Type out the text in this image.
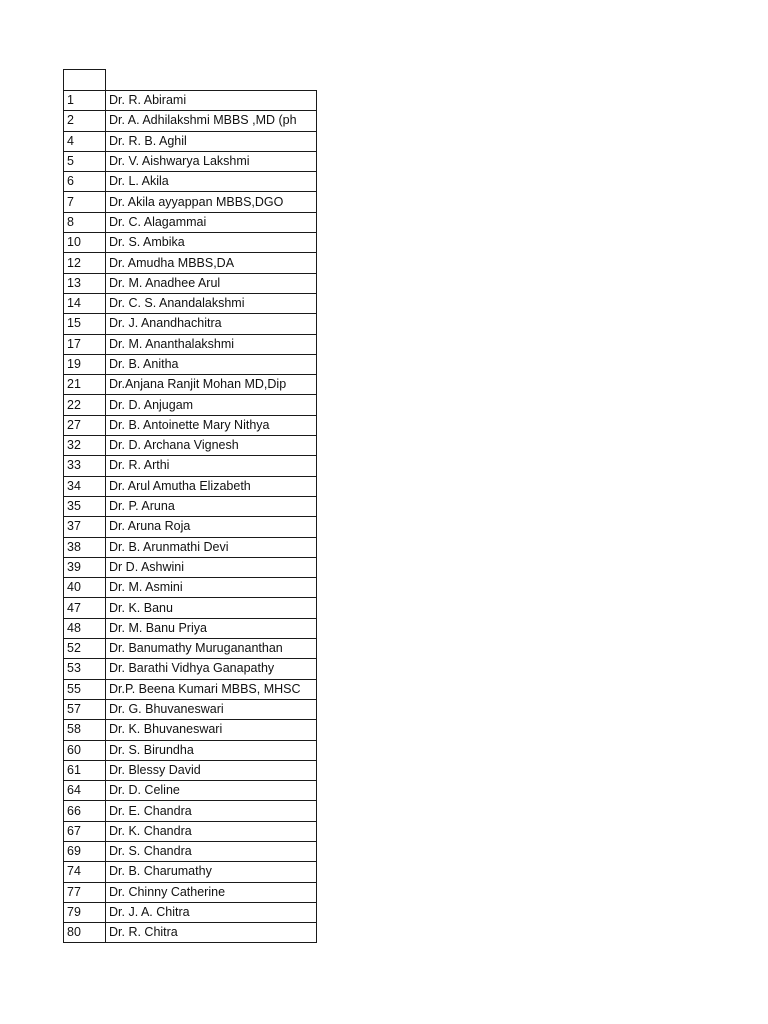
1	Dr. R. Abirami
2	Dr. A. Adhilakshmi MBBS ,MD (ph
4	Dr. R. B. Aghil
5	Dr. V. Aishwarya Lakshmi
6	Dr. L. Akila
7	Dr. Akila ayyappan MBBS,DGO
8	Dr. C. Alagammai
10	Dr. S. Ambika
12	Dr. Amudha MBBS,DA
13	Dr. M. Anadhee Arul
14	Dr. C. S. Anandalakshmi
15	Dr. J. Anandhachitra
17	Dr. M. Ananthalakshmi
19	Dr. B. Anitha
21	Dr.Anjana Ranjit Mohan MD,Dip
22	Dr. D. Anjugam
27	Dr. B. Antoinette Mary Nithya
32	Dr. D. Archana Vignesh
33	Dr. R. Arthi
34	Dr. Arul Amutha Elizabeth
35	Dr. P. Aruna
37	Dr. Aruna Roja
38	Dr. B. Arunmathi Devi
39	Dr D. Ashwini
40	Dr. M. Asmini
47	Dr. K. Banu
48	Dr. M. Banu Priya
52	Dr. Banumathy Murugananthan
53	Dr. Barathi Vidhya Ganapathy
55	Dr.P. Beena Kumari MBBS, MHSC
57	Dr. G. Bhuvaneswari
58	Dr. K. Bhuvaneswari
60	Dr. S. Birundha
61	Dr. Blessy David
64	Dr. D. Celine
66	Dr. E. Chandra
67	Dr. K. Chandra
69	Dr. S. Chandra
74	Dr. B. Charumathy
77	Dr. Chinny Catherine
79	Dr. J. A. Chitra
80	Dr. R. Chitra
